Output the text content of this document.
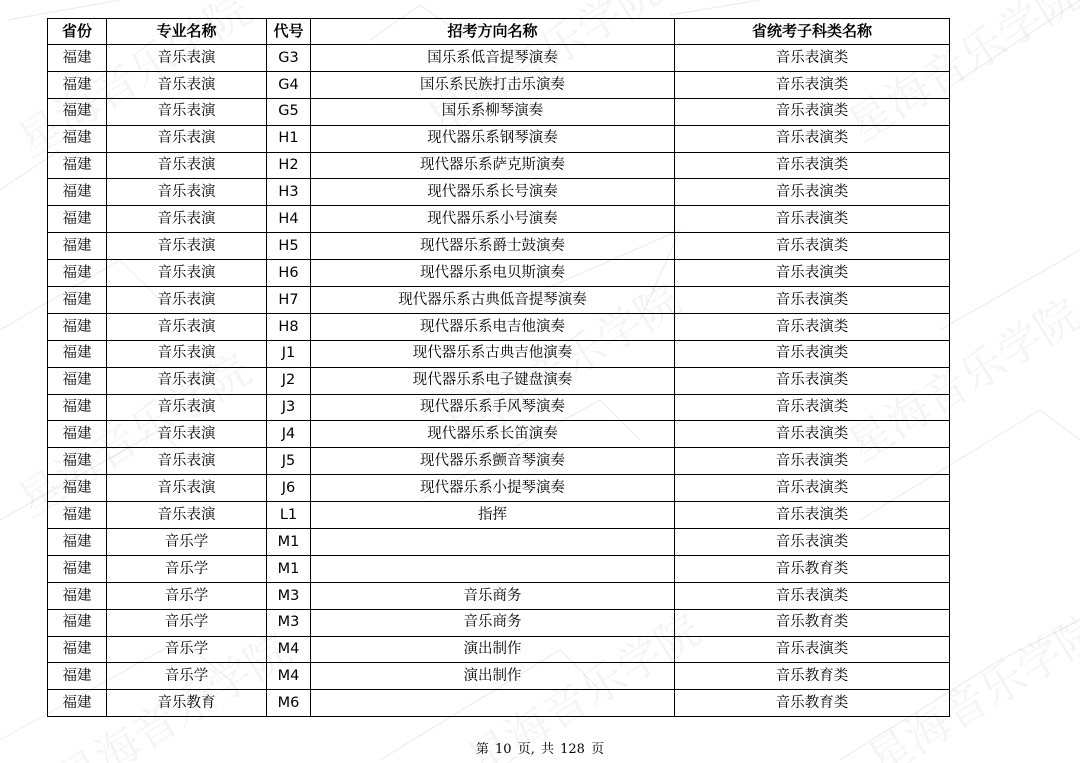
省份	专业名称	代号	招考方向名称	省统考子科类名称
福建	音乐表演	G3	国乐系低音提琴演奏	音乐表演类
福建	音乐表演	G4	国乐系民族打击乐演奏	音乐表演类
福建	音乐表演	G5	国乐系柳琴演奏	音乐表演类
福建	音乐表演	H1	现代器乐系钢琴演奏	音乐表演类
福建	音乐表演	H2	现代器乐系萨克斯演奏	音乐表演类
福建	音乐表演	H3	现代器乐系长号演奏	音乐表演类
福建	音乐表演	H4	现代器乐系小号演奏	音乐表演类
福建	音乐表演	H5	现代器乐系爵士鼓演奏	音乐表演类
福建	音乐表演	H6	现代器乐系电贝斯演奏	音乐表演类
福建	音乐表演	H7	现代器乐系古典低音提琴演奏	音乐表演类
福建	音乐表演	H8	现代器乐系电吉他演奏	音乐表演类
福建	音乐表演	J1	现代器乐系古典吉他演奏	音乐表演类
福建	音乐表演	J2	现代器乐系电子键盘演奏	音乐表演类
福建	音乐表演	J3	现代器乐系手风琴演奏	音乐表演类
福建	音乐表演	J4	现代器乐系长笛演奏	音乐表演类
福建	音乐表演	J5	现代器乐系颤音琴演奏	音乐表演类
福建	音乐表演	J6	现代器乐系小提琴演奏	音乐表演类
福建	音乐表演	L1	指挥	音乐表演类
福建	音乐学	M1		音乐表演类
福建	音乐学	M1		音乐教育类
福建	音乐学	M3	音乐商务	音乐表演类
福建	音乐学	M3	音乐商务	音乐教育类
福建	音乐学	M4	演出制作	音乐表演类
福建	音乐学	M4	演出制作	音乐教育类
福建	音乐教育	M6		音乐教育类
第 10 页, 共 128 页
